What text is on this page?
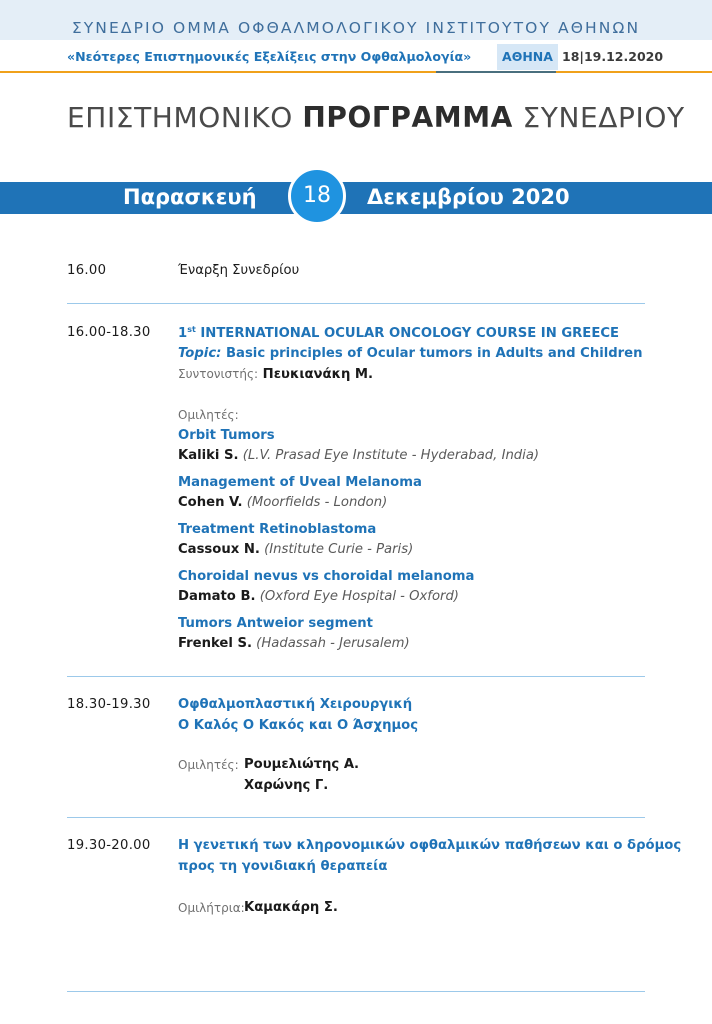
ΣΥΝΕΔΡΙΟ ΟΜΜΑ ΟΦΘΑΛΜΟΛΟΓΙΚΟΥ ΙΝΣΤΙΤΟΥΤΟΥ ΑΘΗΝΩΝ
«Νεότερες Επιστημονικές Εξελίξεις στην Οφθαλμολογία»	ΑΘΗΝΑ 18|19.12.2020
ΕΠΙΣΤΗΜΟΝΙΚΟ ΠΡΟΓΡΑΜΜΑ ΣΥΝΕΔΡΙΟΥ
Παρασκευή	18	Δεκεμβρίου 2020
16.00	Έναρξη Συνεδρίου
16.00-18.30 1st INTERNATIONAL OCULAR ONCOLOGY COURSE IN GREECE
Topic: Basic principles of Ocular tumors in Adults and Children
Συντονιστής: Πευκιανάκη Μ.
Ομιλητές:
Orbit Tumors
Kaliki S. (L.V. Prasad Eye Institute - Hyderabad, India)
Management of Uveal Melanoma
Cohen V. (Moorfields - London)
Treatment Retinoblastoma
Cassoux N. (Institute Curie - Paris)
Choroidal nevus vs choroidal melanoma
Damato B. (Oxford Eye Hospital - Oxford)
Tumors Antweior segment
Frenkel S. (Hadassah - Jerusalem)
18.30-19.30 Οφθαλμοπλαστική Χειρουργική
Ο Καλός Ο Κακός και Ο Άσχημος
Ομιλητές: Ρουμελιώτης Α.
Χαρώνης Γ.
19.30-20.00 Η γενετική των κληρονομικών οφθαλμικών παθήσεων και ο δρόμος
προς τη γονιδιακή θεραπεία
Ομιλήτρια: Καμακάρη Σ.
